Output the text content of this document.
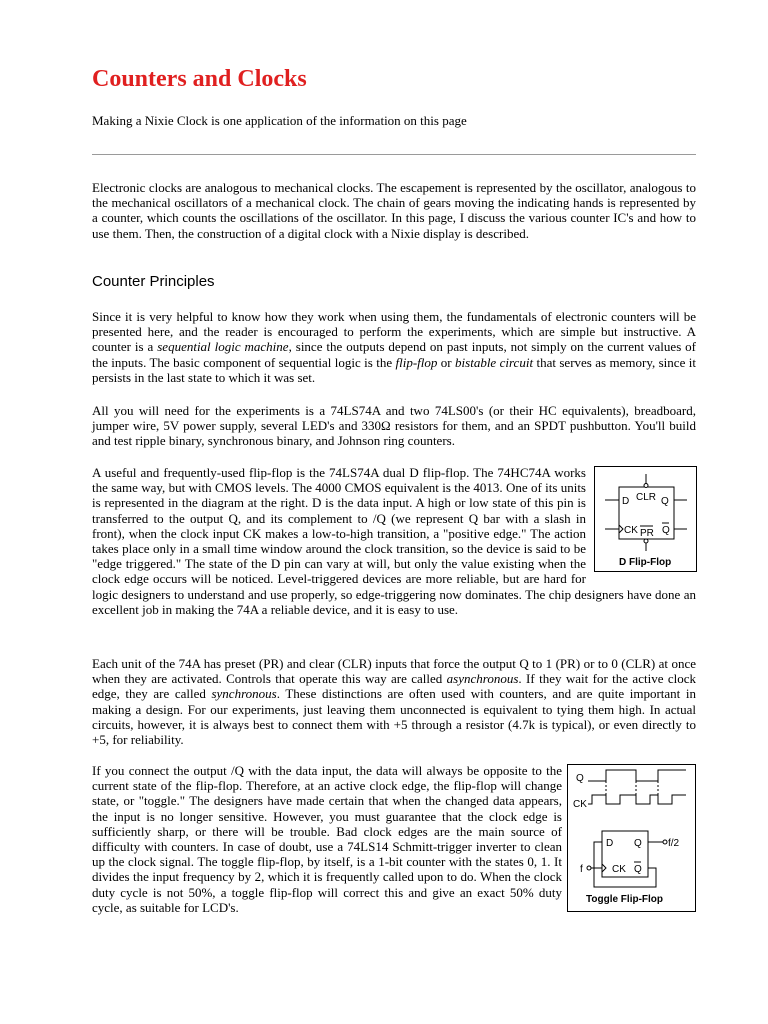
Counters and Clocks
Making a Nixie Clock is one application of the information on this page

Electronic clocks are analogous to mechanical clocks. The escapement is represented by the oscillator, analogous to the mechanical oscillators of a mechanical clock. The chain of gears moving the indicating hands is represented by a counter, which counts the oscillations of the oscillator. In this page, I discuss the various counter IC's and how to use them. Then, the construction of a digital clock with a Nixie display is described.

Counter Principles

Since it is very helpful to know how they work when using them, the fundamentals of electronic counters will be presented here, and the reader is encouraged to perform the experiments, which are simple but instructive. A counter is a sequential logic machine, since the outputs depend on past inputs, not simply on the current values of the inputs. The basic component of sequential logic is the flip-flop or bistable circuit that serves as memory, since it persists in the last state to which it was set.

All you will need for the experiments is a 74LS74A and two 74LS00's (or their HC equivalents), breadboard, jumper wire, 5V power supply, several LED's and 330Ω resistors for them, and an SPDT pushbutton. You'll build and test ripple binary, synchronous binary, and Johnson ring counters.

D CLR Q
CK PR Q
D Flip-Flop

A useful and frequently-used flip-flop is the 74LS74A dual D flip-flop. The 74HC74A works the same way, but with CMOS levels. The 4000 CMOS equivalent is the 4013. One of its units is represented in the diagram at the right. D is the data input. A high or low state of this pin is transferred to the output Q, and its complement to /Q (we represent Q bar with a slash in front), when the clock input CK makes a low-to-high transition, a "positive edge." The action takes place only in a small time window around the clock transition, so the device is said to be "edge triggered." The state of the D pin can vary at will, but only the value existing when the clock edge occurs will be noticed. Level-triggered devices are more reliable, but are hard for logic designers to understand and use properly, so edge-triggering now dominates. The chip designers have done an excellent job in making the 74A a reliable device, and it is easy to use.

Each unit of the 74A has preset (PR) and clear (CLR) inputs that force the output Q to 1 (PR) or to 0 (CLR) at once when they are activated. Controls that operate this way are called asynchronous. If they wait for the active clock edge, they are called synchronous. These distinctions are often used with counters, and are quite important in making a design. For our experiments, just leaving them unconnected is equivalent to tying them high. In actual circuits, however, it is always best to connect them with +5 through a resistor (4.7k is typical), or even directly to +5, for reliability.

Q
CK
D Q
CK Q
f/2
f
Toggle Flip-Flop

If you connect the output /Q with the data input, the data will always be opposite to the current state of the flip-flop. Therefore, at an active clock edge, the flip-flop will change state, or "toggle." The designers have made certain that when the changed data appears, the input is no longer sensitive. However, you must guarantee that the clock edge is sufficiently sharp, or there will be trouble. Bad clock edges are the main source of difficulty with counters. In case of doubt, use a 74LS14 Schmitt-trigger inverter to clean up the clock signal. The toggle flip-flop, by itself, is a 1-bit counter with the states 0, 1. It divides the input frequency by 2, which it is frequently called upon to do. When the clock duty cycle is not 50%, a toggle flip-flop will correct this and give an exact 50% duty cycle, as suitable for LCD's.
